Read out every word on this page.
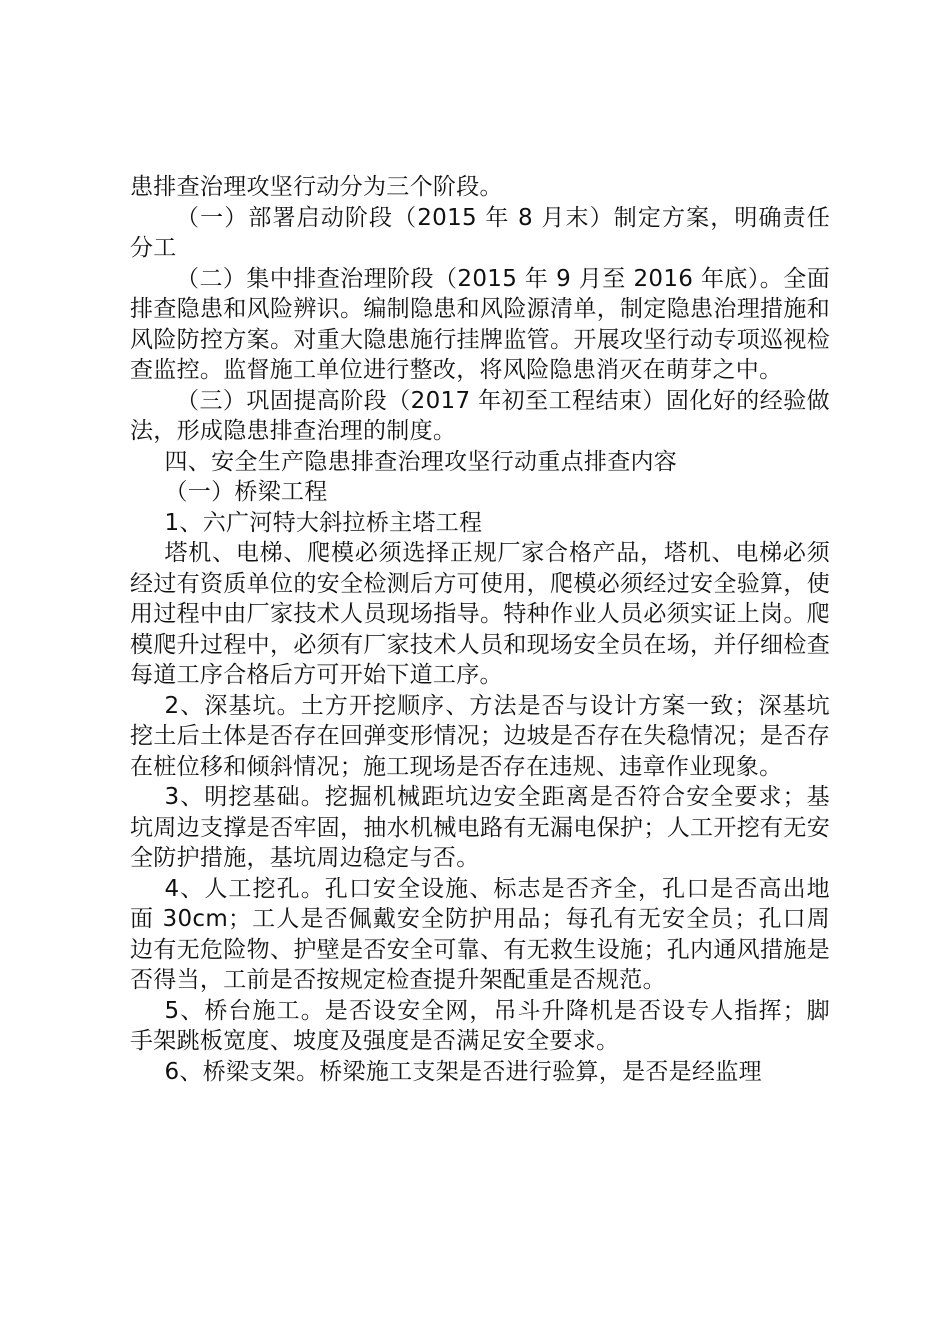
患排查治理攻坚行动分为三个阶段。

（一）部署启动阶段（2015 年 8 月末）制定方案，明确责任分工

（二）集中排查治理阶段（2015 年 9 月至 2016 年底）。全面排查隐患和风险辨识。编制隐患和风险源清单，制定隐患治理措施和风险防控方案。对重大隐患施行挂牌监管。开展攻坚行动专项巡视检查监控。监督施工单位进行整改，将风险隐患消灭在萌芽之中。

（三）巩固提高阶段（2017 年初至工程结束）固化好的经验做法，形成隐患排查治理的制度。

四、安全生产隐患排查治理攻坚行动重点排查内容

（一）桥梁工程

1、六广河特大斜拉桥主塔工程

塔机、电梯、爬模必须选择正规厂家合格产品，塔机、电梯必须经过有资质单位的安全检测后方可使用，爬模必须经过安全验算，使用过程中由厂家技术人员现场指导。特种作业人员必须实证上岗。爬模爬升过程中，必须有厂家技术人员和现场安全员在场，并仔细检查每道工序合格后方可开始下道工序。

2、深基坑。土方开挖顺序、方法是否与设计方案一致；深基坑挖土后土体是否存在回弹变形情况；边坡是否存在失稳情况；是否存在桩位移和倾斜情况；施工现场是否存在违规、违章作业现象。

3、明挖基础。挖掘机械距坑边安全距离是否符合安全要求；基坑周边支撑是否牢固，抽水机械电路有无漏电保护；人工开挖有无安全防护措施，基坑周边稳定与否。

4、人工挖孔。孔口安全设施、标志是否齐全，孔口是否高出地面 30cm；工人是否佩戴安全防护用品；每孔有无安全员；孔口周边有无危险物、护壁是否安全可靠、有无救生设施；孔内通风措施是否得当，工前是否按规定检查提升架配重是否规范。

5、桥台施工。是否设安全网，吊斗升降机是否设专人指挥；脚手架跳板宽度、坡度及强度是否满足安全要求。

6、桥梁支架。桥梁施工支架是否进行验算，是否是经监理
